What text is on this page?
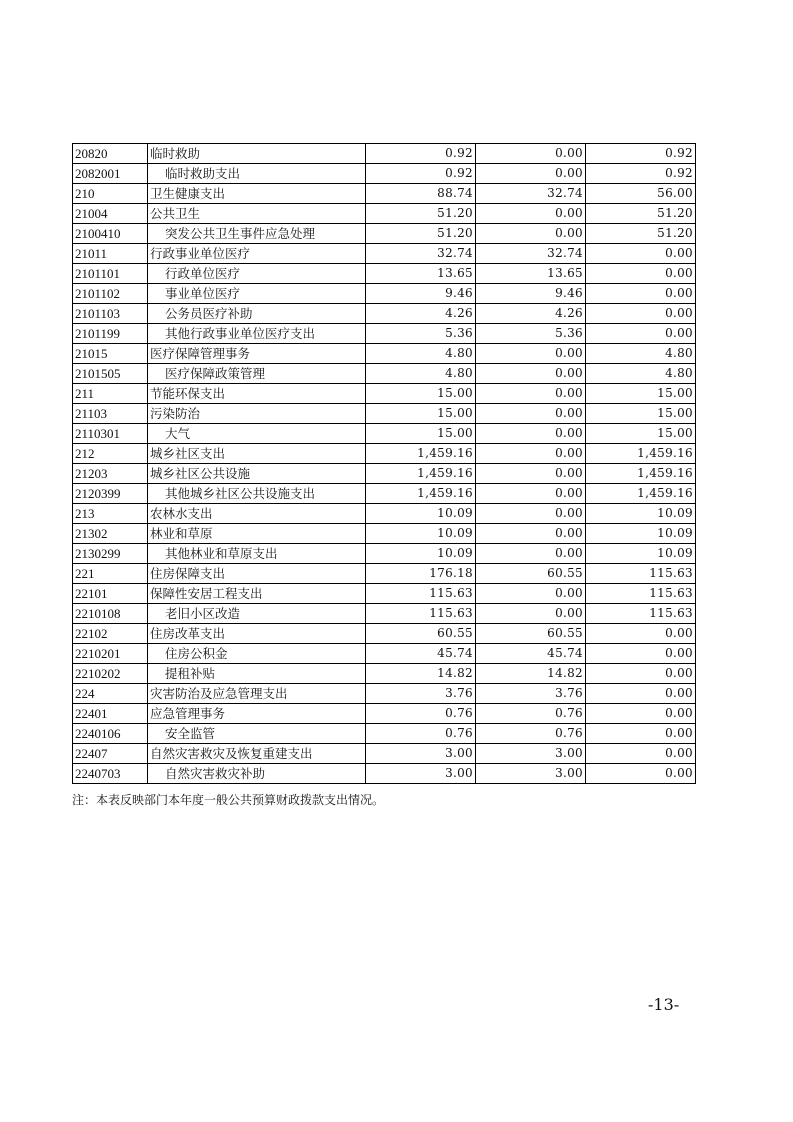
20820	临时救助	0.92	0.00	0.92
2082001	临时救助支出	0.92	0.00	0.92
210	卫生健康支出	88.74	32.74	56.00
21004	公共卫生	51.20	0.00	51.20
2100410	突发公共卫生事件应急处理	51.20	0.00	51.20
21011	行政事业单位医疗	32.74	32.74	0.00
2101101	行政单位医疗	13.65	13.65	0.00
2101102	事业单位医疗	9.46	9.46	0.00
2101103	公务员医疗补助	4.26	4.26	0.00
2101199	其他行政事业单位医疗支出	5.36	5.36	0.00
21015	医疗保障管理事务	4.80	0.00	4.80
2101505	医疗保障政策管理	4.80	0.00	4.80
211	节能环保支出	15.00	0.00	15.00
21103	污染防治	15.00	0.00	15.00
2110301	大气	15.00	0.00	15.00
212	城乡社区支出	1,459.16	0.00	1,459.16
21203	城乡社区公共设施	1,459.16	0.00	1,459.16
2120399	其他城乡社区公共设施支出	1,459.16	0.00	1,459.16
213	农林水支出	10.09	0.00	10.09
21302	林业和草原	10.09	0.00	10.09
2130299	其他林业和草原支出	10.09	0.00	10.09
221	住房保障支出	176.18	60.55	115.63
22101	保障性安居工程支出	115.63	0.00	115.63
2210108	老旧小区改造	115.63	0.00	115.63
22102	住房改革支出	60.55	60.55	0.00
2210201	住房公积金	45.74	45.74	0.00
2210202	提租补贴	14.82	14.82	0.00
224	灾害防治及应急管理支出	3.76	3.76	0.00
22401	应急管理事务	0.76	0.76	0.00
2240106	安全监管	0.76	0.76	0.00
22407	自然灾害救灾及恢复重建支出	3.00	3.00	0.00
2240703	自然灾害救灾补助	3.00	3.00	0.00
注：本表反映部门本年度一般公共预算财政拨款支出情况。
-13-
